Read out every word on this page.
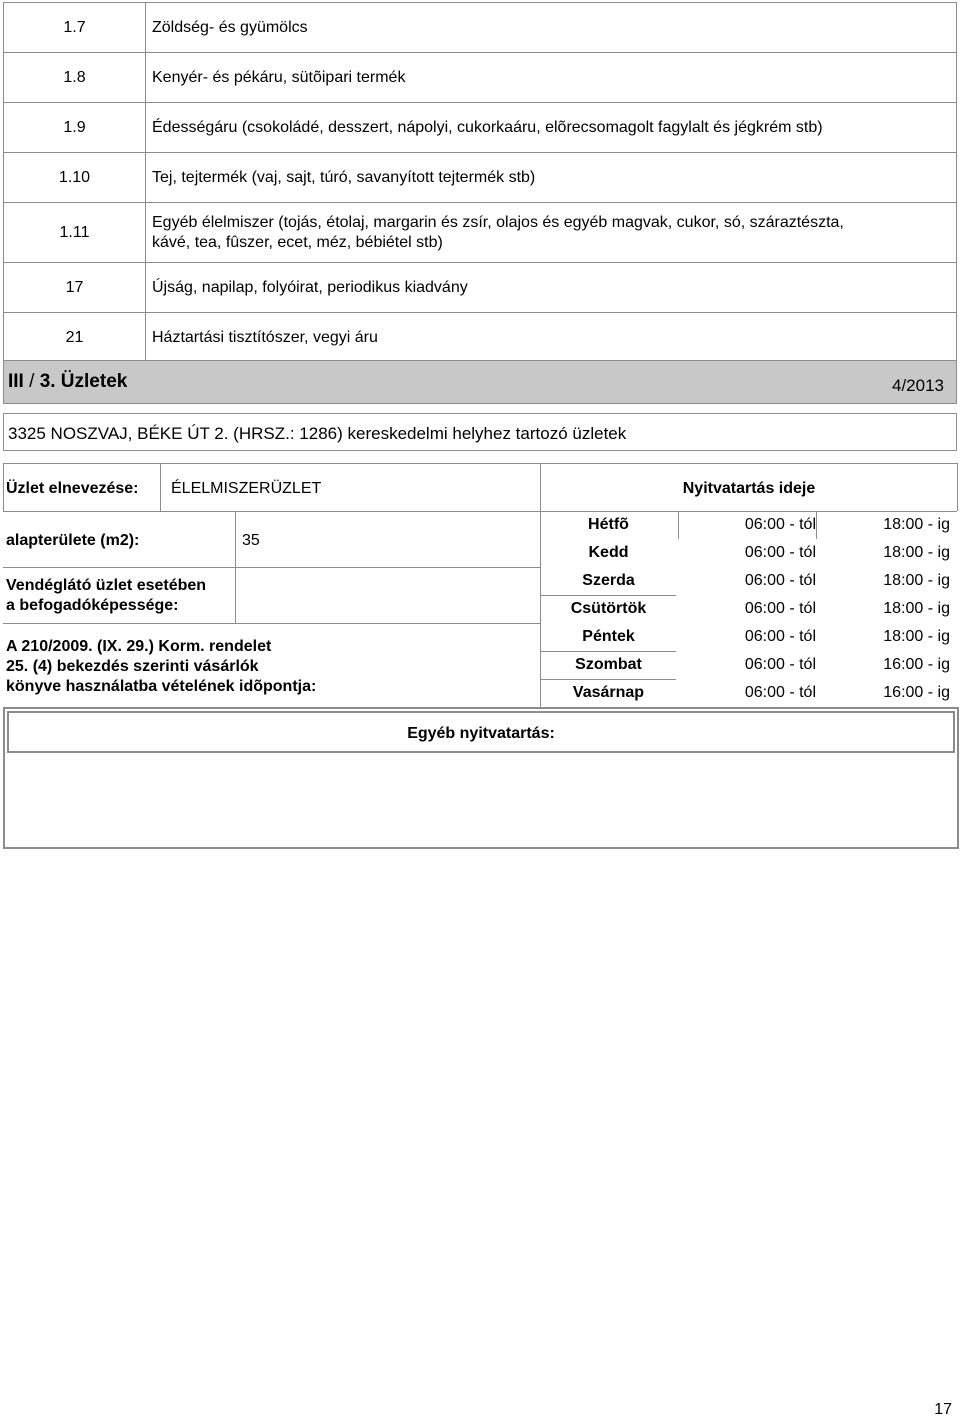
1.7	Zöldség- és gyümölcs
1.8	Kenyér- és pékáru, sütõipari termék
1.9	Édességáru (csokoládé, desszert, nápolyi, cukorkaáru, elõrecsomagolt fagylalt és jégkrém stb)
1.10	Tej, tejtermék (vaj, sajt, túró, savanyított tejtermék stb)
1.11	Egyéb élelmiszer (tojás, étolaj, margarin és zsír, olajos és egyéb magvak, cukor, só, száraztészta,
kávé, tea, fûszer, ecet, méz, bébiétel stb)

17	Újság, napilap, folyóirat, periodikus kiadvány
21	Háztartási tisztítószer, vegyi áru
III / 3. Üzletek	4/2013
3325 NOSZVAJ, BÉKE ÚT 2. (HRSZ.: 1286) kereskedelmi helyhez tartozó üzletek
Üzlet elnevezése: ÉLELMISZERÜZLET	Nyitvatartás ideje
alapterülete (m2):	35
Vendéglátó üzlet esetében
a befogadóképessége:
A 210/2009. (IX. 29.) Korm. rendelet
25. (4) bekezdés szerinti vásárlók
könyve használatba vételének idõpontja:
Hétfõ	06:00 - tól	18:00 - ig
Kedd	06:00 - tól	18:00 - ig
Szerda	06:00 - tól	18:00 - ig
Csütörtök	06:00 - tól	18:00 - ig
Péntek	06:00 - tól	18:00 - ig
Szombat	06:00 - tól	16:00 - ig
Vasárnap	06:00 - tól	16:00 - ig
Egyéb nyitvatartás:
17
